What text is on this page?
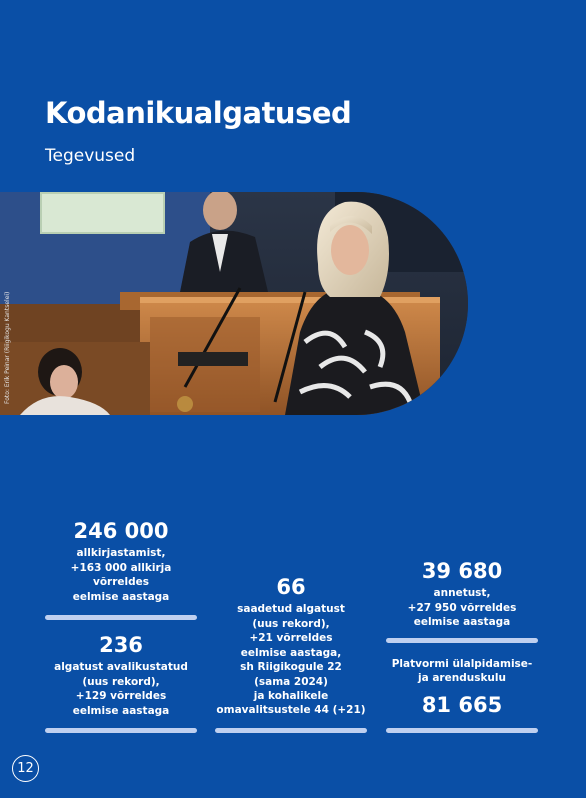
Kodanikualgatused
Tegevused
Foto: Erik Peinar (Riigikogu Kantselei)
246 000
allkirjastamist,
+163 000 allkirja
võrreldes
eelmise aastaga
236
algatust avalikustatud
(uus rekord),
+129 võrreldes
eelmise aastaga
66
saadetud algatust
(uus rekord),
+21 võrreldes
eelmise aastaga,
sh Riigikogule 22
(sama 2024)
ja kohalikele
omavalitsustele 44 (+21)
39 680
annetust,
+27 950 võrreldes
eelmise aastaga
Platvormi ülalpidamise-
ja arenduskulu
81 665
12
